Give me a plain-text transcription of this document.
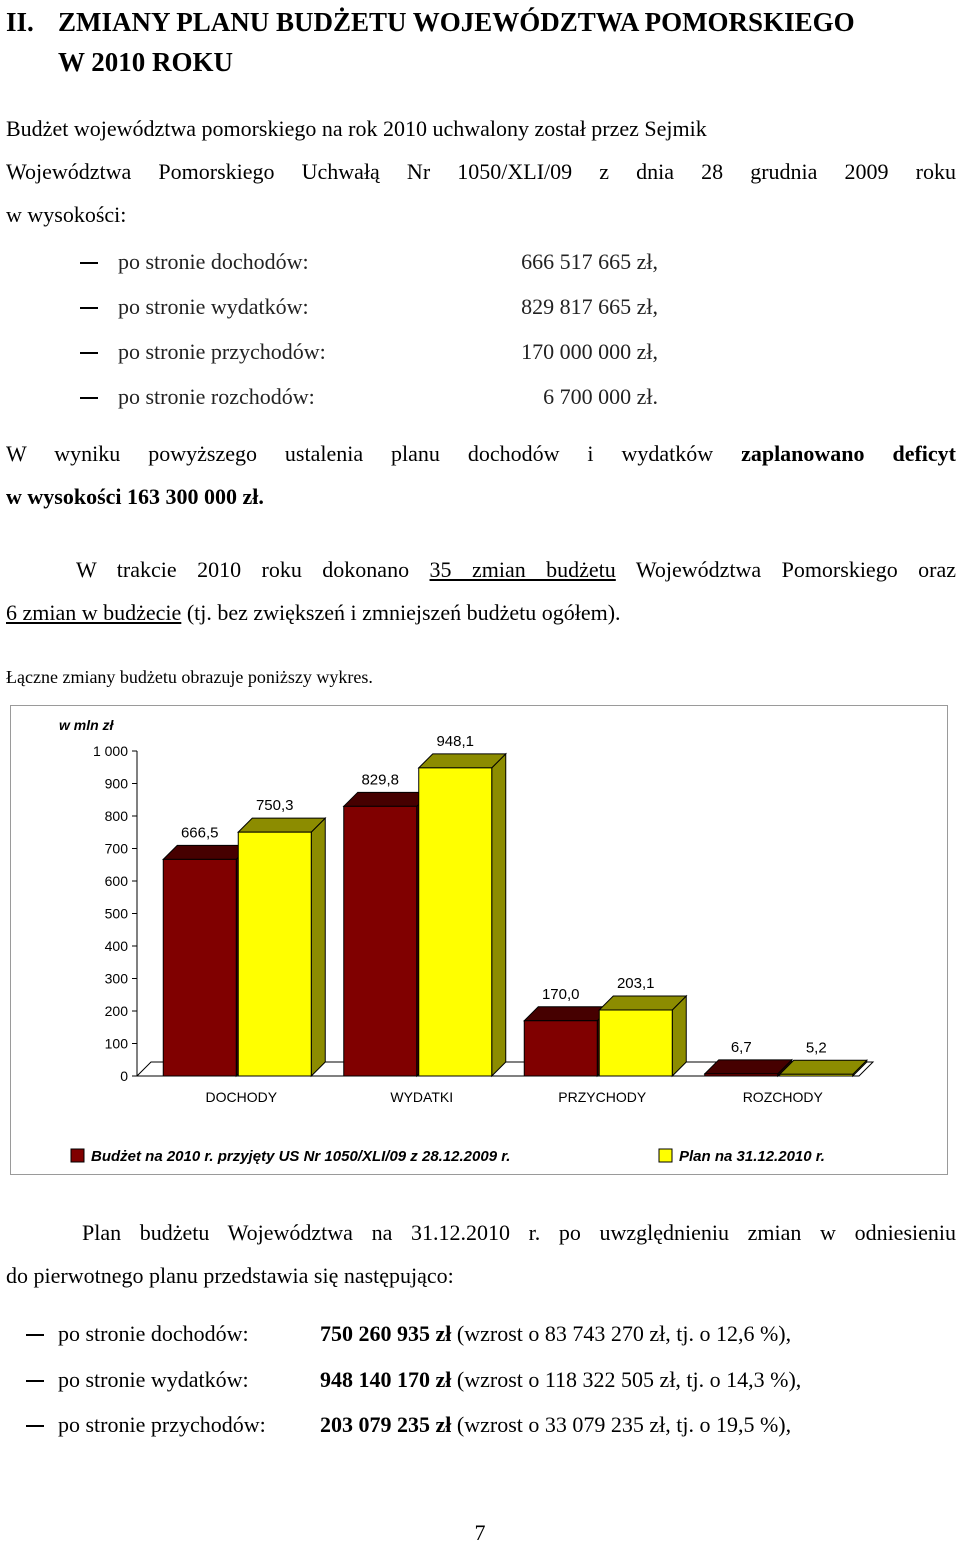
II. ZMIANY PLANU BUDŻETU WOJEWÓDZTWA POMORSKIEGO
W 2010 ROKU

Budżet województwa pomorskiego na rok 2010 uchwalony został przez Sejmik
Województwa Pomorskiego Uchwałą Nr 1050/XLI/09 z dnia 28 grudnia 2009 roku
w wysokości:

po stronie dochodów:	666 517 665 zł,
po stronie wydatków:	829 817 665 zł,
po stronie przychodów:	170 000 000 zł,
po stronie rozchodów:	6 700 000 zł.

W wyniku powyższego ustalenia planu dochodów i wydatków zaplanowano deficyt
w wysokości 163 300 000 zł.

W trakcie 2010 roku dokonano 35 zmian budżetu Województwa Pomorskiego oraz
6 zmian w budżecie (tj. bez zwiększeń i zmniejszeń budżetu ogółem).

Łączne zmiany budżetu obrazuje poniższy wykres.

0
100
200
300
400
500
600
700
800
900
1 000
w mln zł
666,5
750,3
DOCHODY
829,8
948,1
WYDATKI
170,0
203,1
PRZYCHODY
6,7	5,2
ROZCHODY
Budżet na 2010 r. przyjęty US Nr 1050/XLI/09 z 28.12.2009 r.	Plan na 31.12.2010 r.

Plan budżetu Województwa na 31.12.2010 r. po uwzględnieniu zmian w odniesieniu
do pierwotnego planu przedstawia się następująco:

po stronie dochodów:	750 260 935 zł (wzrost o 83 743 270 zł, tj. o 12,6 %),
po stronie wydatków:	948 140 170 zł (wzrost o 118 322 505 zł, tj. o 14,3 %),
po stronie przychodów: 203 079 235 zł (wzrost o 33 079 235 zł, tj. o 19,5 %),
7
